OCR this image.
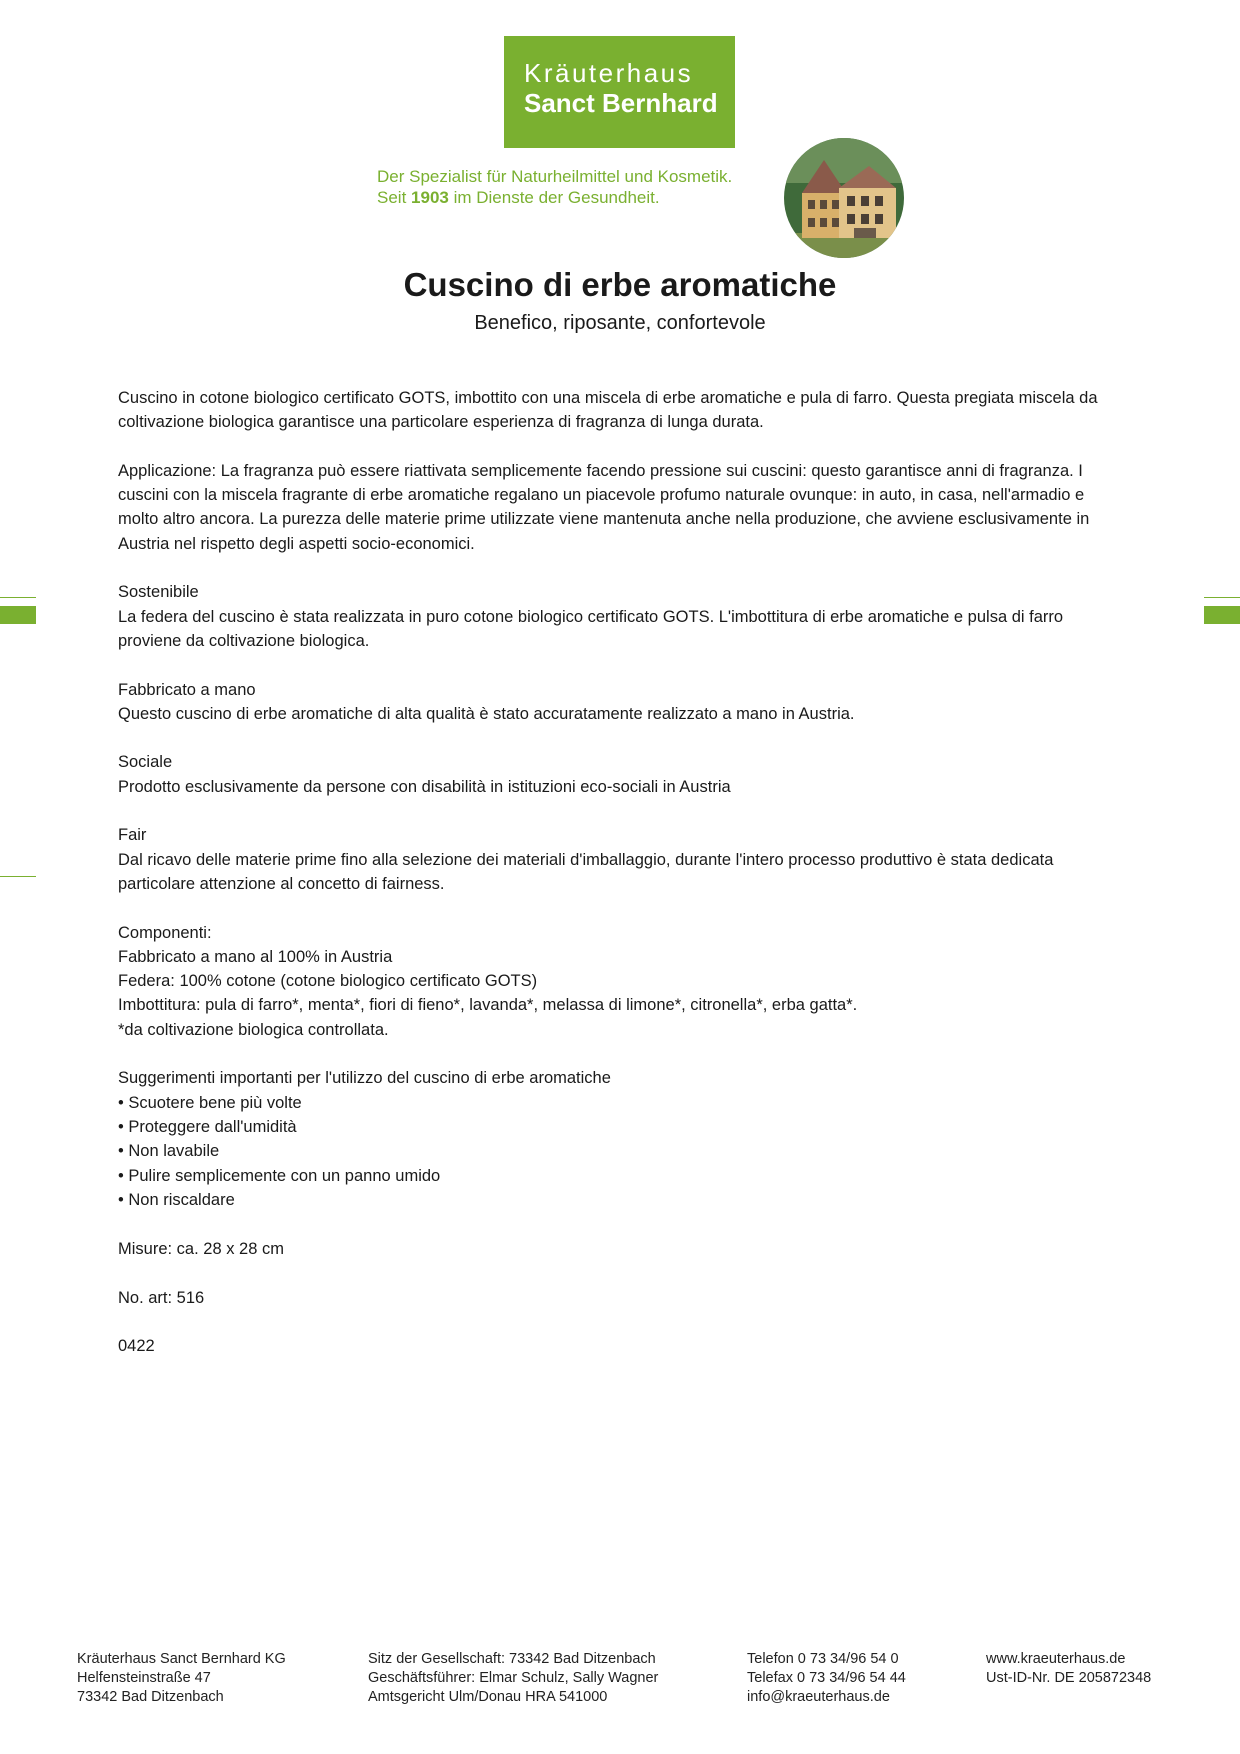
Kräuterhaus
Sanct Bernhard
Der Spezialist für Naturheilmittel und Kosmetik.
Seit 1903 im Dienste der Gesundheit.
Cuscino di erbe aromatiche
Benefico, riposante, confortevole

Cuscino in cotone biologico certificato GOTS, imbottito con una miscela di erbe aromatiche e pula di farro. Questa pregiata miscela da coltivazione biologica garantisce una particolare esperienza di fragranza di lunga durata.

Applicazione: La fragranza può essere riattivata semplicemente facendo pressione sui cuscini: questo garantisce anni di fragranza. I cuscini con la miscela fragrante di erbe aromatiche regalano un piacevole profumo naturale ovunque: in auto, in casa, nell'armadio e molto altro ancora. La purezza delle materie prime utilizzate viene mantenuta anche nella produzione, che avviene esclusivamente in Austria nel rispetto degli aspetti socio-economici.

Sostenibile
La federa del cuscino è stata realizzata in puro cotone biologico certificato GOTS. L'imbottitura di erbe aromatiche e pulsa di farro proviene da coltivazione biologica.

Fabbricato a mano
Questo cuscino di erbe aromatiche di alta qualità è stato accuratamente realizzato a mano in Austria.

Sociale
Prodotto esclusivamente da persone con disabilità in istituzioni eco-sociali in Austria

Fair
Dal ricavo delle materie prime fino alla selezione dei materiali d'imballaggio, durante l'intero processo produttivo è stata dedicata particolare attenzione al concetto di fairness.

Componenti:
Fabbricato a mano al 100% in Austria
Federa: 100% cotone (cotone biologico certificato GOTS)
Imbottitura: pula di farro*, menta*, fiori di fieno*, lavanda*, melassa di limone*, citronella*, erba gatta*.
*da coltivazione biologica controllata.

Suggerimenti importanti per l'utilizzo del cuscino di erbe aromatiche
• Scuotere bene più volte
• Proteggere dall'umidità
• Non lavabile
• Pulire semplicemente con un panno umido
• Non riscaldare

Misure: ca. 28 x 28 cm

No. art: 516

0422

Kräuterhaus Sanct Bernhard KG
Helfensteinstraße 47
73342 Bad Ditzenbach
Sitz der Gesellschaft: 73342 Bad Ditzenbach
Geschäftsführer: Elmar Schulz, Sally Wagner
Amtsgericht Ulm/Donau HRA 541000
Telefon 0 73 34/96 54 0
Telefax 0 73 34/96 54 44
info@kraeuterhaus.de
www.kraeuterhaus.de
Ust-ID-Nr. DE 205872348
